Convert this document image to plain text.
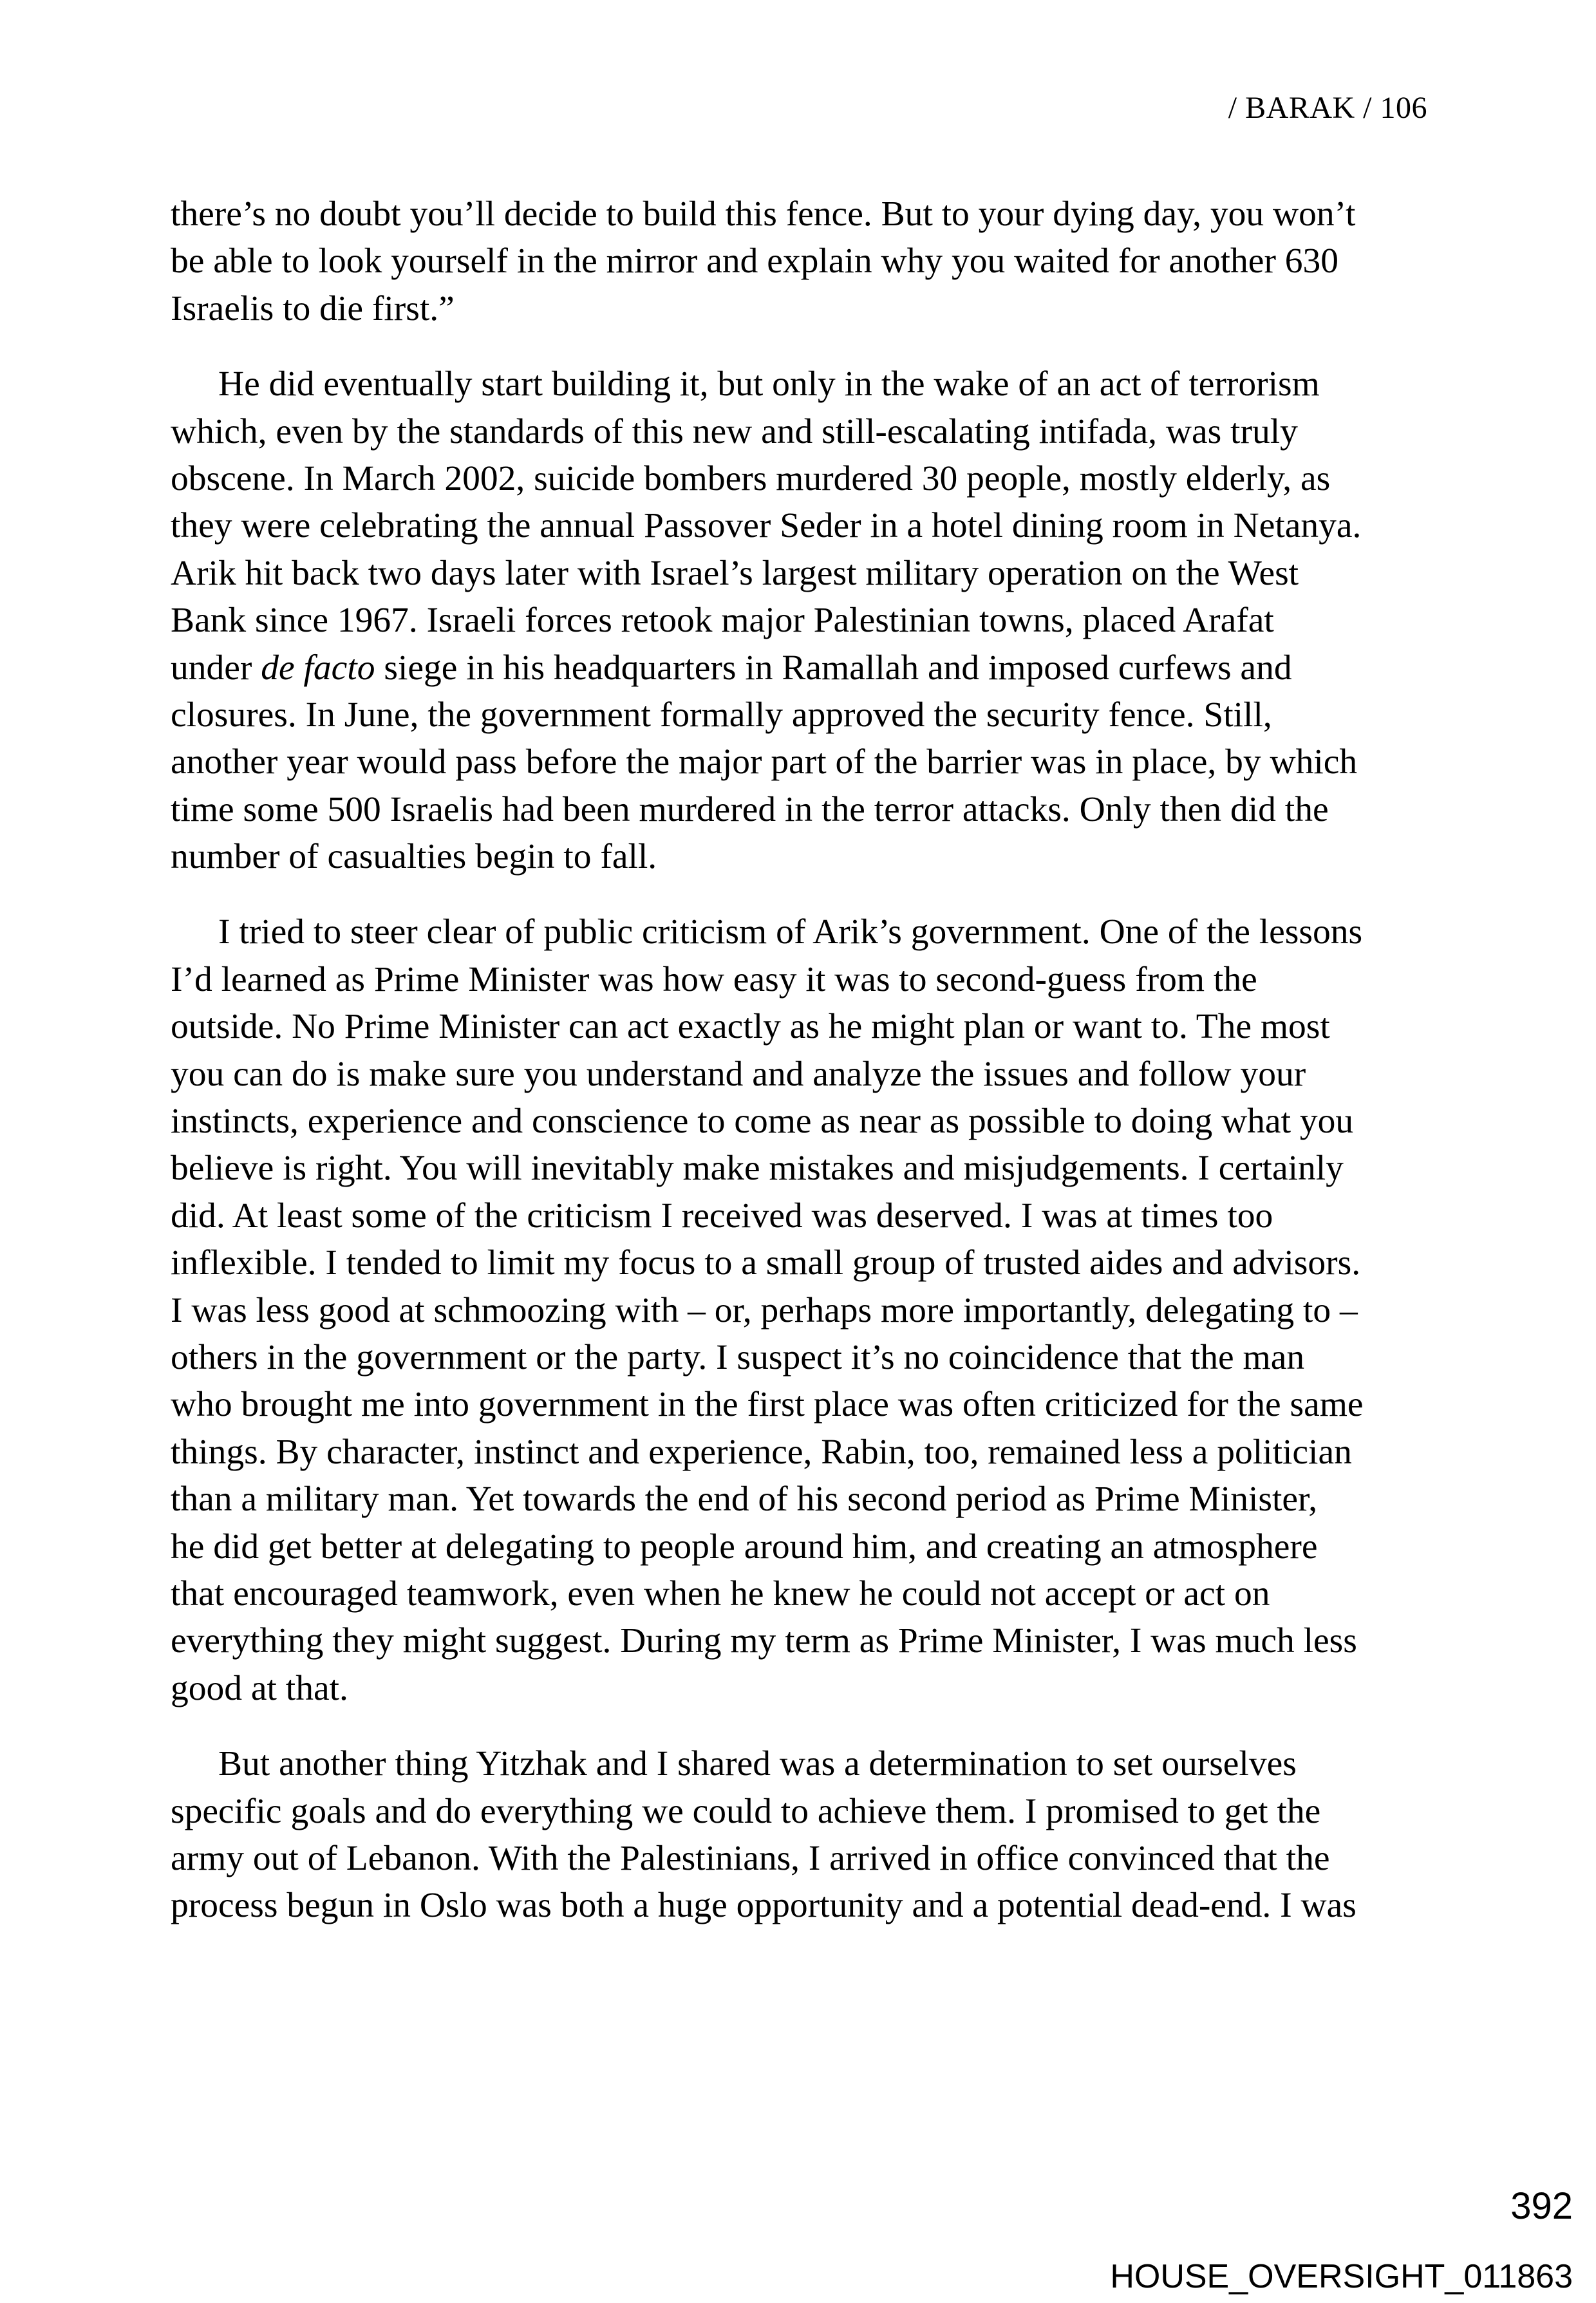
/ BARAK / 106

there’s no doubt you’ll decide to build this fence. But to your dying day, you won’t
be able to look yourself in the mirror and explain why you waited for another 630
Israelis to die first.”

He did eventually start building it, but only in the wake of an act of terrorism
which, even by the standards of this new and still-escalating intifada, was truly
obscene. In March 2002, suicide bombers murdered 30 people, mostly elderly, as
they were celebrating the annual Passover Seder in a hotel dining room in Netanya.
Arik hit back two days later with Israel’s largest military operation on the West
Bank since 1967. Israeli forces retook major Palestinian towns, placed Arafat
under de facto siege in his headquarters in Ramallah and imposed curfews and
closures. In June, the government formally approved the security fence. Still,
another year would pass before the major part of the barrier was in place, by which
time some 500 Israelis had been murdered in the terror attacks. Only then did the
number of casualties begin to fall.

I tried to steer clear of public criticism of Arik’s government. One of the lessons
I’d learned as Prime Minister was how easy it was to second-guess from the
outside. No Prime Minister can act exactly as he might plan or want to. The most
you can do is make sure you understand and analyze the issues and follow your
instincts, experience and conscience to come as near as possible to doing what you
believe is right. You will inevitably make mistakes and misjudgements. I certainly
did. At least some of the criticism I received was deserved. I was at times too
inflexible. I tended to limit my focus to a small group of trusted aides and advisors.
I was less good at schmoozing with – or, perhaps more importantly, delegating to –
others in the government or the party. I suspect it’s no coincidence that the man
who brought me into government in the first place was often criticized for the same
things. By character, instinct and experience, Rabin, too, remained less a politician
than a military man. Yet towards the end of his second period as Prime Minister,
he did get better at delegating to people around him, and creating an atmosphere
that encouraged teamwork, even when he knew he could not accept or act on
everything they might suggest. During my term as Prime Minister, I was much less
good at that.

But another thing Yitzhak and I shared was a determination to set ourselves
specific goals and do everything we could to achieve them. I promised to get the
army out of Lebanon. With the Palestinians, I arrived in office convinced that the
process begun in Oslo was both a huge opportunity and a potential dead-end. I was

392
HOUSE_OVERSIGHT_011863
